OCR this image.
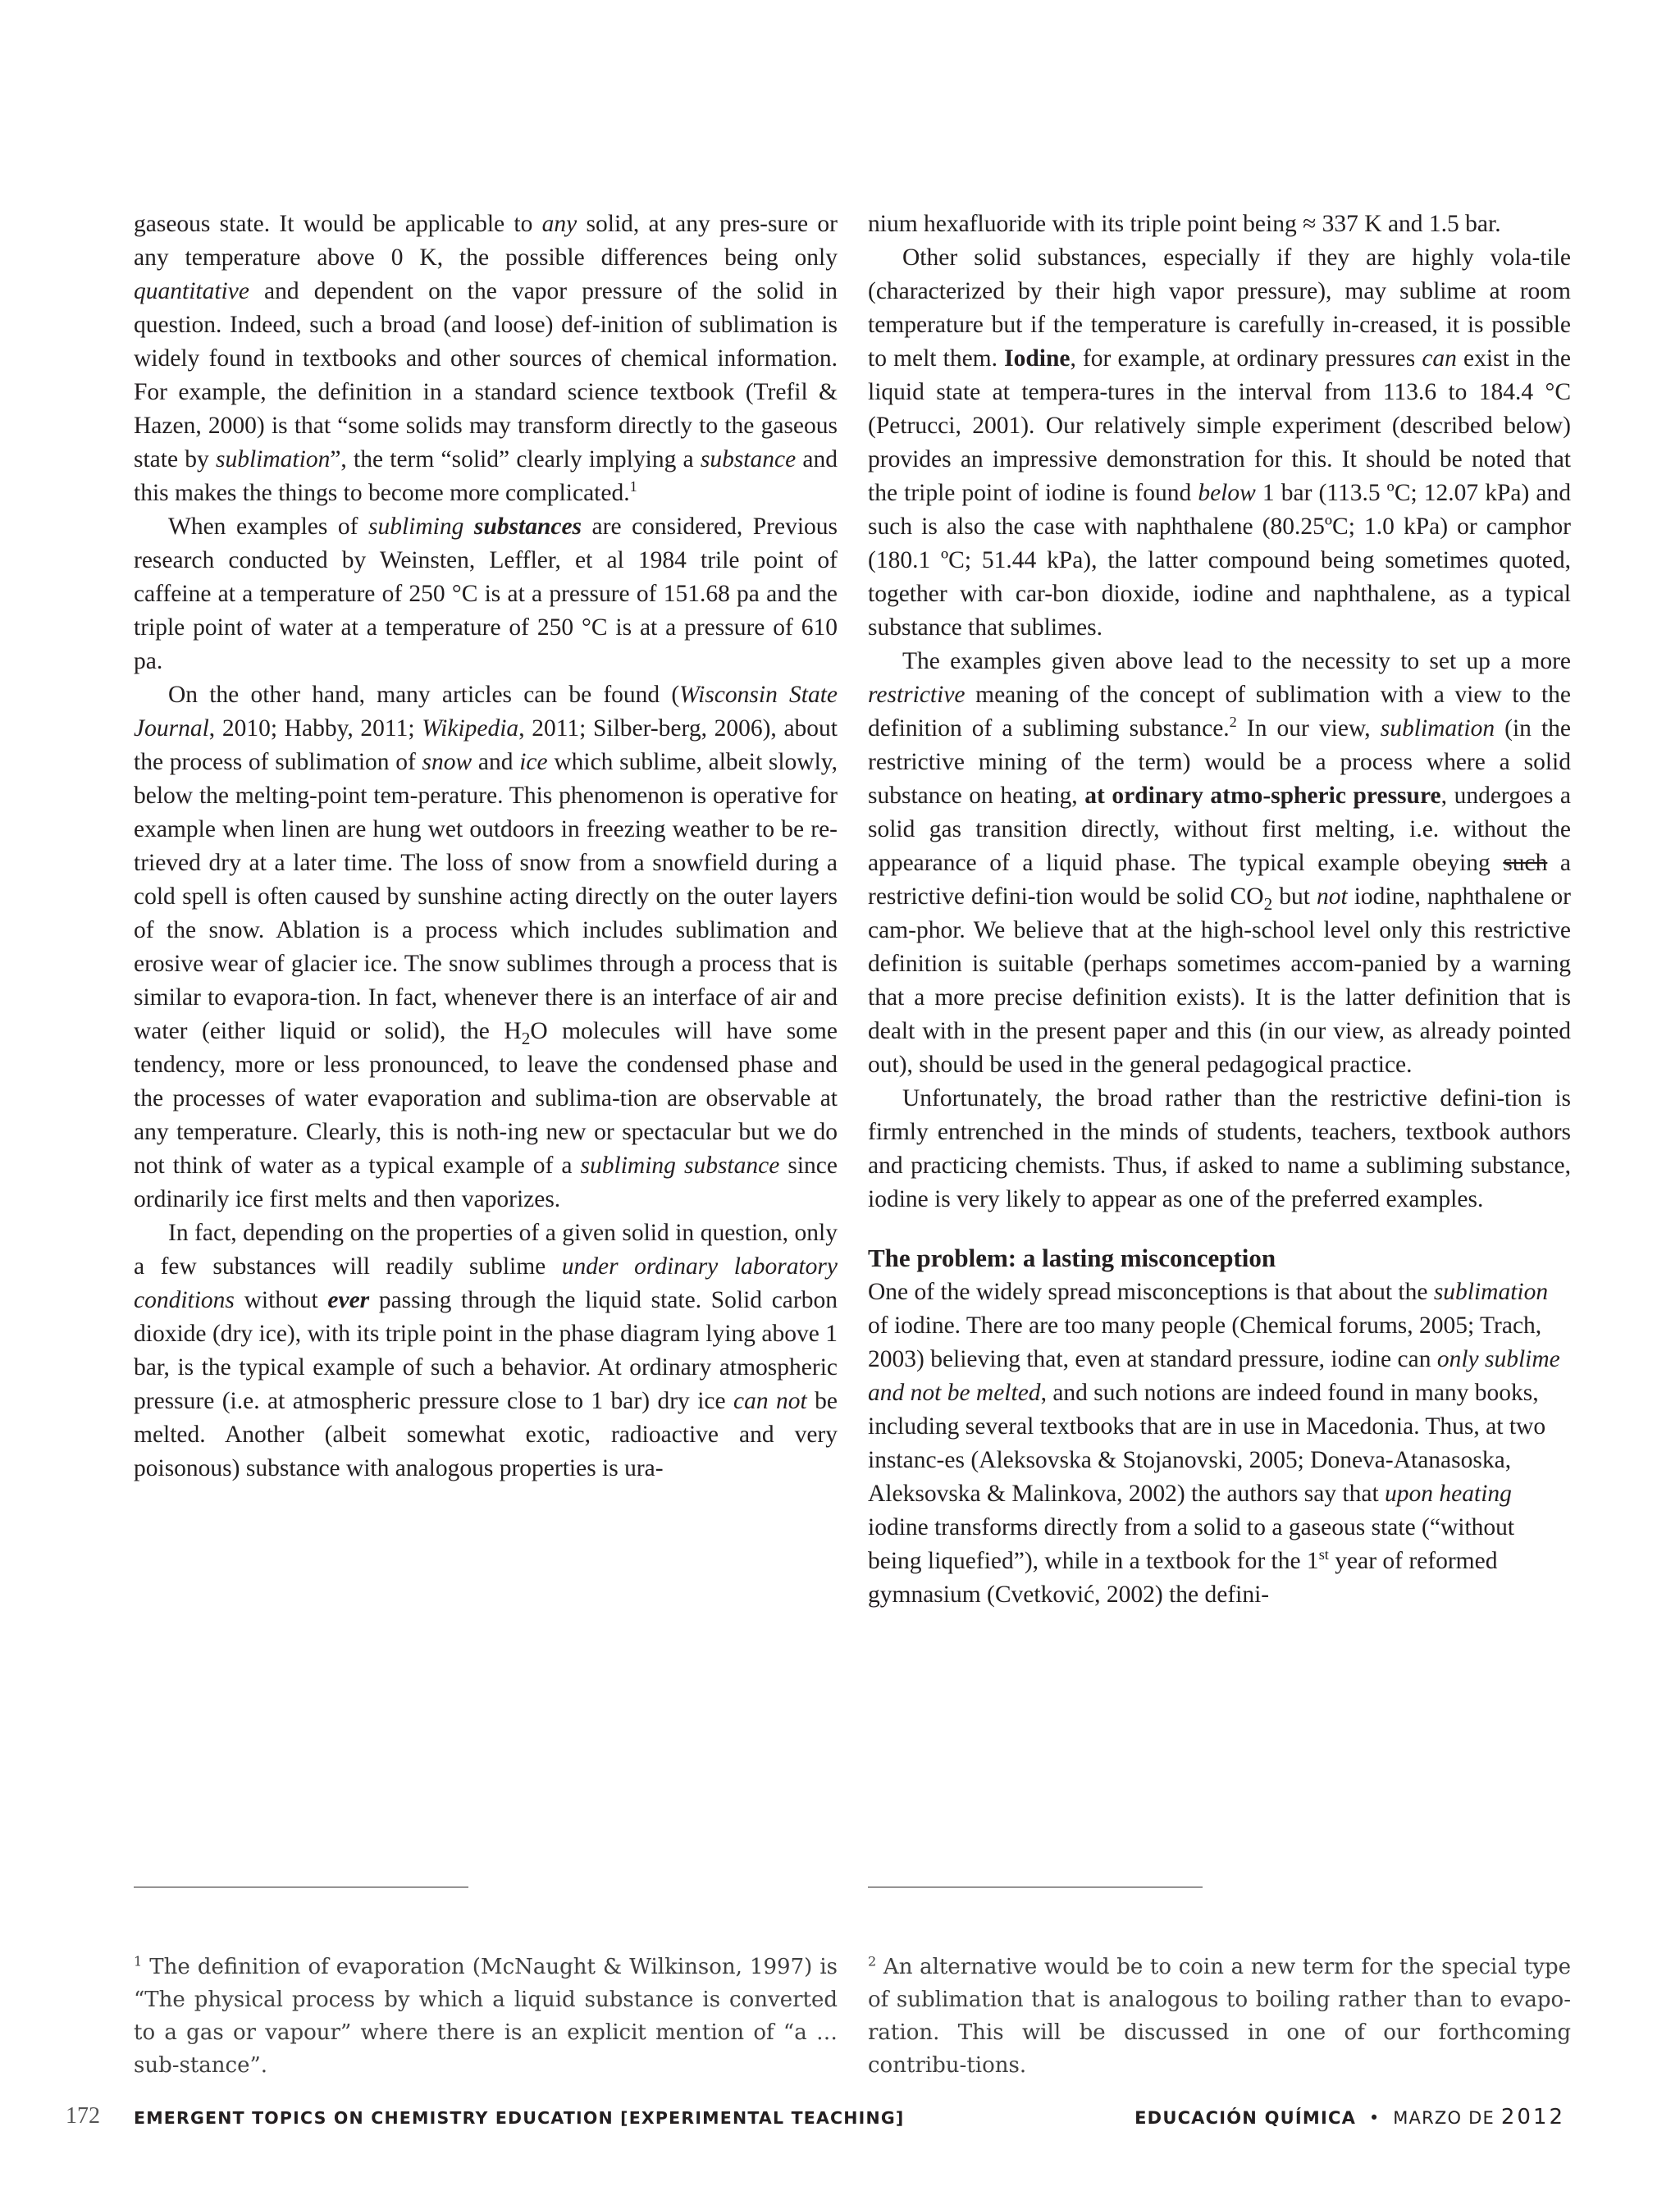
gaseous state. It would be applicable to any solid, at any pres-sure or any temperature above 0 K, the possible differences being only quantitative and dependent on the vapor pressure of the solid in question. Indeed, such a broad (and loose) def-inition of sublimation is widely found in textbooks and other sources of chemical information. For example, the definition in a standard science textbook (Trefil & Hazen, 2000) is that “some solids may transform directly to the gaseous state by sublimation”, the term “solid” clearly implying a substance and this makes the things to become more complicated.$^1$

When examples of subliming substances are considered, Previous research conducted by Weinsten, Leffler, et al 1984 trile point of caffeine at a temperature of 250 °C is at a pressure of 151.68 pa and the triple point of water at a temperature of 250 °C is at a pressure of 610 pa.

On the other hand, many articles can be found (Wisconsin State Journal, 2010; Habby, 2011; Wikipedia, 2011; Silber-berg, 2006), about the process of sublimation of snow and ice which sublime, albeit slowly, below the melting-point tem-perature. This phenomenon is operative for example when linen are hung wet outdoors in freezing weather to be re-trieved dry at a later time. The loss of snow from a snowfield during a cold spell is often caused by sunshine acting directly on the outer layers of the snow. Ablation is a process which includes sublimation and erosive wear of glacier ice. The snow sublimes through a process that is similar to evapora-tion. In fact, whenever there is an interface of air and water (either liquid or solid), the $H_2O$ molecules will have some tendency, more or less pronounced, to leave the condensed phase and the processes of water evaporation and sublima-tion are observable at any temperature. Clearly, this is noth-ing new or spectacular but we do not think of water as a typical example of a subliming substance since ordinarily ice first melts and then vaporizes.

In fact, depending on the properties of a given solid in question, only a few substances will readily sublime under ordinary laboratory conditions without ever passing through the liquid state. Solid carbon dioxide (dry ice), with its triple point in the phase diagram lying above 1 bar, is the typical example of such a behavior. At ordinary atmospheric pressure (i.e. at atmospheric pressure close to 1 bar) dry ice can not be melted. Another (albeit somewhat exotic, radioactive and very poisonous) substance with analogous properties is ura-

nium hexafluoride with its triple point being ≈ 337 K and 1.5 bar.

Other solid substances, especially if they are highly vola-tile (characterized by their high vapor pressure), may sublime at room temperature but if the temperature is carefully in-creased, it is possible to melt them. Iodine, for example, at ordinary pressures can exist in the liquid state at tempera-tures in the interval from 113.6 to 184.4 °C (Petrucci, 2001). Our relatively simple experiment (described below) provides an impressive demonstration for this. It should be noted that the triple point of iodine is found below 1 bar (113.5 ºC; 12.07 kPa) and such is also the case with naphthalene (80.25ºC; 1.0 kPa) or camphor (180.1 ºC; 51.44 kPa), the latter compound being sometimes quoted, together with car-bon dioxide, iodine and naphthalene, as a typical substance that sublimes.

The examples given above lead to the necessity to set up a more restrictive meaning of the concept of sublimation with a view to the definition of a subliming substance.$^2$ In our view, sublimation (in the restrictive mining of the term) would be a process where a solid substance on heating, at ordinary atmo-spheric pressure, undergoes a solid gas transition directly, without first melting, i.e. without the appearance of a liquid phase. The typical example obeying such a restrictive defini-tion would be solid $CO_2$ but not iodine, naphthalene or cam-phor. We believe that at the high-school level only this restrictive definition is suitable (perhaps sometimes accom-panied by a warning that a more precise definition exists). It is the latter definition that is dealt with in the present paper and this (in our view, as already pointed out), should be used in the general pedagogical practice.

Unfortunately, the broad rather than the restrictive defini-tion is firmly entrenched in the minds of students, teachers, textbook authors and practicing chemists. Thus, if asked to name a subliming substance, iodine is very likely to appear as one of the preferred examples.

The problem: a lasting misconception

One of the widely spread misconceptions is that about the sublimation of iodine. There are too many people (Chemical forums, 2005; Trach, 2003) believing that, even at standard pressure, iodine can only sublime and not be melted, and such notions are indeed found in many books, including several textbooks that are in use in Macedonia. Thus, at two instanc-es (Aleksovska & Stojanovski, 2005; Doneva-Atanasoska, Aleksovska & Malinkova, 2002) the authors say that upon heating iodine transforms directly from a solid to a gaseous state (“without being liquefied”), while in a textbook for the 1st year of reformed gymnasium (Cvetković, 2002) the defini-

$^1$ The definition of evaporation (McNaught & Wilkinson, 1997) is “The physical process by which a liquid substance is converted to a gas or vapour” where there is an explicit mention of “a … sub-stance”.
$^2$ An alternative would be to coin a new term for the special type of sublimation that is analogous to boiling rather than to evapo-ration. This will be discussed in one of our forthcoming contribu-tions.
172 EMERGENT TOPICS ON CHEMISTRY EDUCATION [EXPERIMENTAL TEACHING]	EDUCACIÓN QUÍMICA • MARZO DE 2012
